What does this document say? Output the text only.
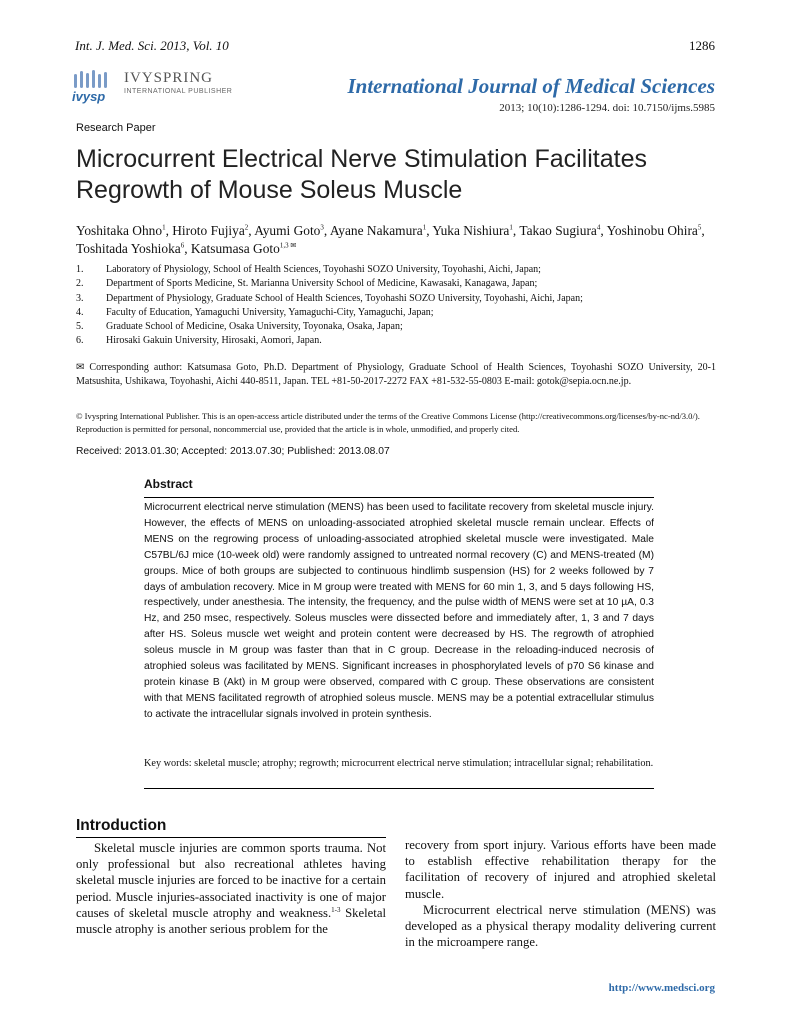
Int. J. Med. Sci. 2013, Vol. 10	1286
ivysp
IVYSPRING
INTERNATIONAL PUBLISHER	International Journal of Medical Sciences
2013; 10(10):1286-1294. doi: 10.7150/ijms.5985
Research Paper
Microcurrent Electrical Nerve Stimulation Facilitates Regrowth of Mouse Soleus Muscle
Yoshitaka Ohno$^1$, Hiroto Fujiya$^2$, Ayumi Goto$^3$, Ayane Nakamura$^1$, Yuka Nishiura$^1$, Takao Sugiura$^4$, Yoshinobu Ohira$^5$, Toshitada Yoshioka$^6$, Katsumasa Goto$^{1,3 ✉}$
1. Laboratory of Physiology, School of Health Sciences, Toyohashi SOZO University, Toyohashi, Aichi, Japan;
2. Department of Sports Medicine, St. Marianna University School of Medicine, Kawasaki, Kanagawa, Japan;
3. Department of Physiology, Graduate School of Health Sciences, Toyohashi SOZO University, Toyohashi, Aichi, Japan;
4. Faculty of Education, Yamaguchi University, Yamaguchi-City, Yamaguchi, Japan;
5. Graduate School of Medicine, Osaka University, Toyonaka, Osaka, Japan;
6. Hirosaki Gakuin University, Hirosaki, Aomori, Japan.
✉ Corresponding author: Katsumasa Goto, Ph.D. Department of Physiology, Graduate School of Health Sciences, Toyohashi SOZO University, 20-1 Matsushita, Ushikawa, Toyohashi, Aichi 440-8511, Japan. TEL +81-50-2017-2272 FAX +81-532-55-0803 E-mail: gotok@sepia.ocn.ne.jp.
© Ivyspring International Publisher. This is an open-access article distributed under the terms of the Creative Commons License (http://creativecommons.org/licenses/by-nc-nd/3.0/). Reproduction is permitted for personal, noncommercial use, provided that the article is in whole, unmodified, and properly cited.
Received: 2013.01.30; Accepted: 2013.07.30; Published: 2013.08.07
Abstract
Microcurrent electrical nerve stimulation (MENS) has been used to facilitate recovery from skeletal muscle injury. However, the effects of MENS on unloading-associated atrophied skeletal muscle remain unclear. Effects of MENS on the regrowing process of unloading-associated atrophied skeletal muscle were investigated. Male C57BL/6J mice (10-week old) were randomly assigned to untreated normal recovery (C) and MENS-treated (M) groups. Mice of both groups are subjected to continuous hindlimb suspension (HS) for 2 weeks followed by 7 days of ambulation recovery. Mice in M group were treated with MENS for 60 min 1, 3, and 5 days following HS, respectively, under anesthesia. The intensity, the frequency, and the pulse width of MENS were set at 10 µA, 0.3 Hz, and 250 msec, respectively. Soleus muscles were dissected before and immediately after, 1, 3 and 7 days after HS. Soleus muscle wet weight and protein content were decreased by HS. The regrowth of atrophied soleus muscle in M group was faster than that in C group. Decrease in the reloading-induced necrosis of atrophied soleus was facilitated by MENS. Significant increases in phosphorylated levels of p70 S6 kinase and protein kinase B (Akt) in M group were observed, compared with C group. These observations are consistent with that MENS facilitated regrowth of atrophied soleus muscle. MENS may be a potential extracellular stimulus to activate the intracellular signals involved in protein synthesis.
Key words: skeletal muscle; atrophy; regrowth; microcurrent electrical nerve stimulation; intracellular signal; rehabilitation.
Introduction

Skeletal muscle injuries are common sports trauma. Not only professional but also recreational athletes having skeletal muscle injuries are forced to be inactive for a certain period. Muscle injuries-associated inactivity is one of major causes of skeletal muscle atrophy and weakness.$^{1-3}$ Skeletal muscle atrophy is another serious problem for the

recovery from sport injury. Various efforts have been made to establish effective rehabilitation therapy for the facilitation of recovery of injured and atrophied skeletal muscle.

Microcurrent electrical nerve stimulation (MENS) was developed as a physical therapy modality delivering current in the microampere range.

http://www.medsci.org
